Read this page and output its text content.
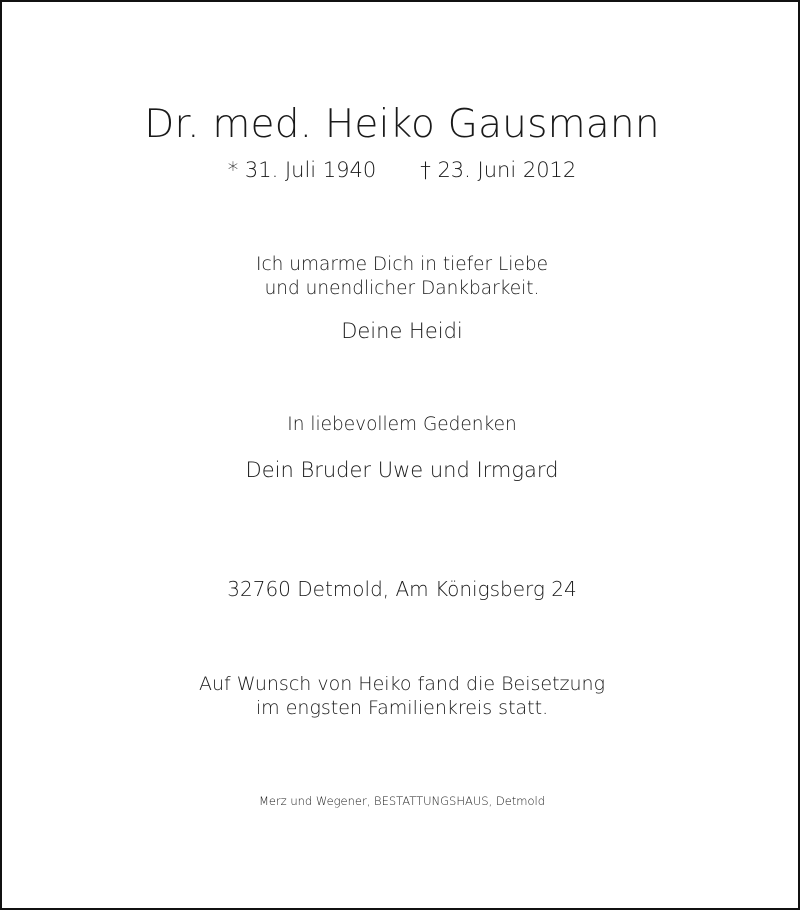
Dr. med. Heiko Gausmann
* 31. Juli 1940 † 23. Juni 2012
Ich umarme Dich in tiefer Liebe
und unendlicher Dankbarkeit.
Deine Heidi
In liebevollem Gedenken
Dein Bruder Uwe und Irmgard
32760 Detmold, Am Königsberg 24
Auf Wunsch von Heiko fand die Beisetzung
im engsten Familienkreis statt.
Merz und Wegener, BESTATTUNGSHAUS, Detmold
